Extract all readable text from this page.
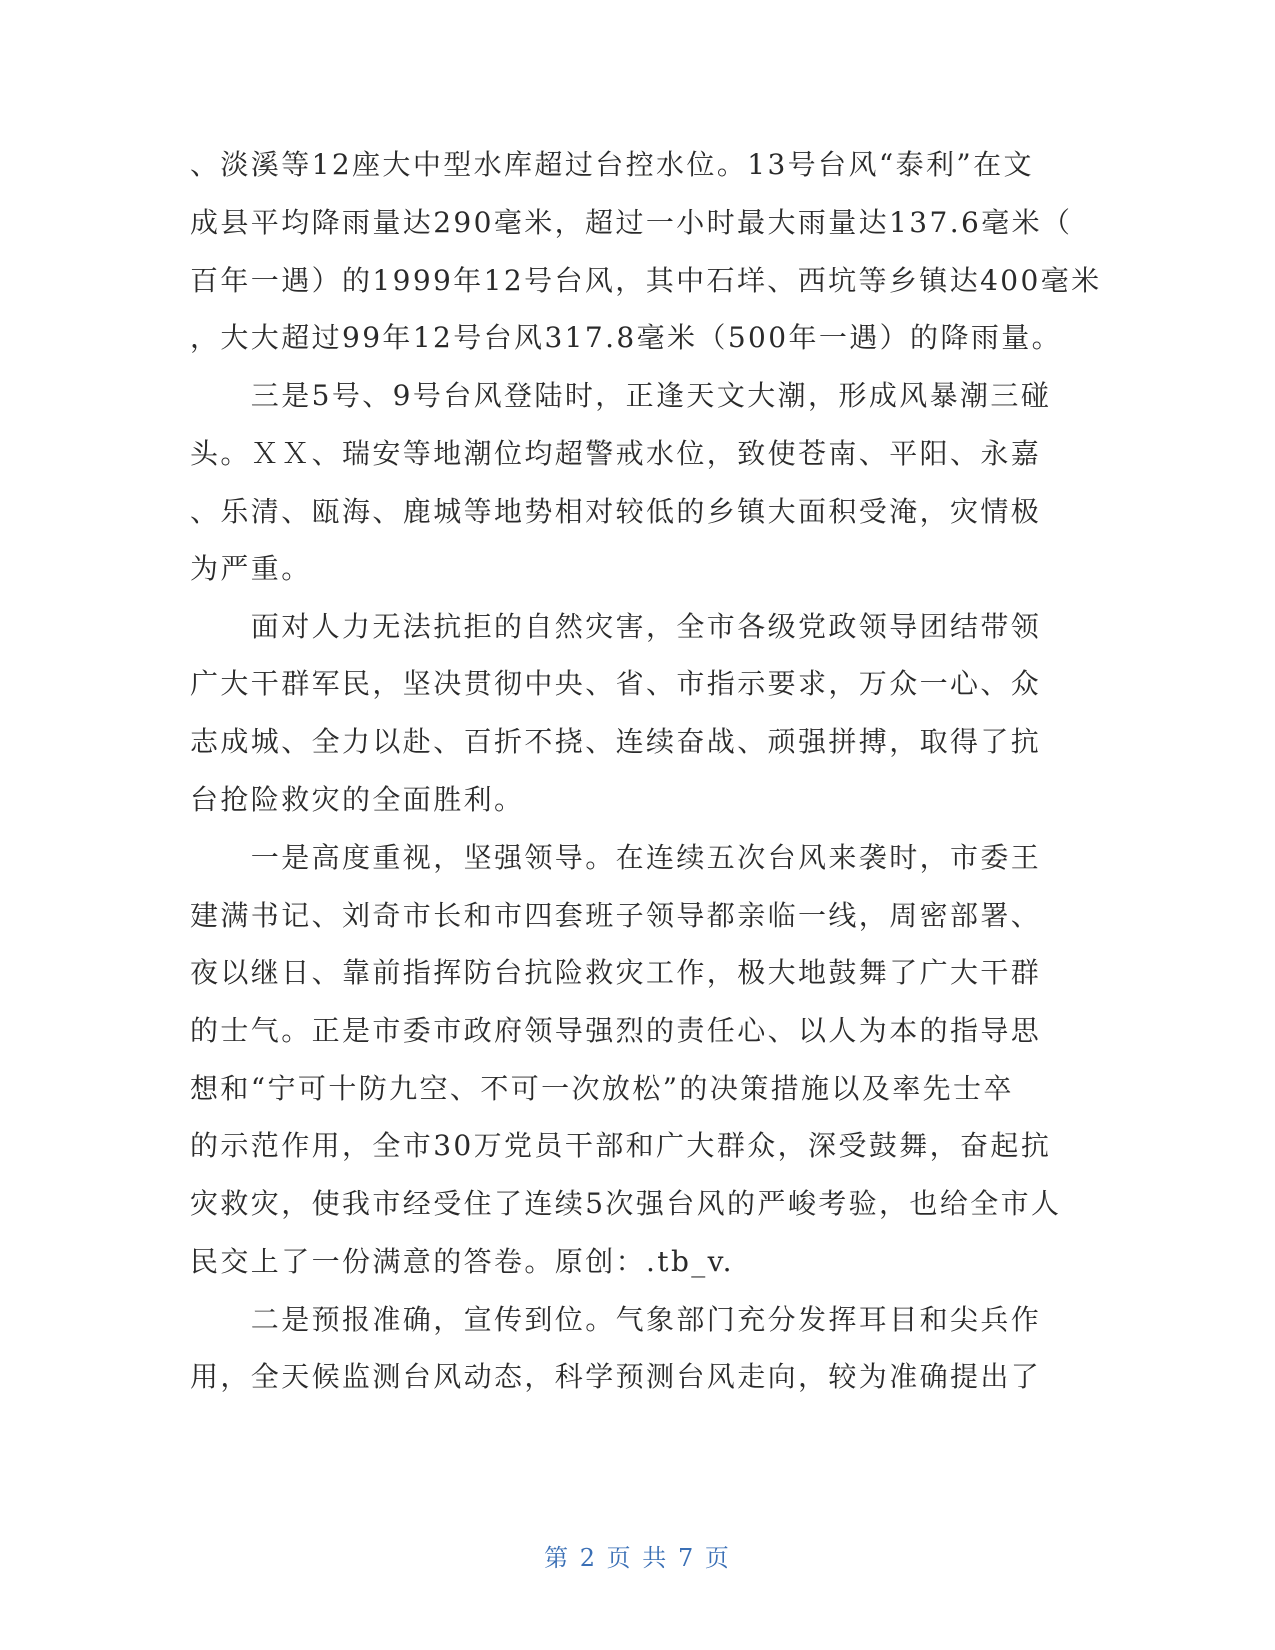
、淡溪等12座大中型水库超过台控水位。13号台风“泰利”在文
成县平均降雨量达290毫米，超过一小时最大雨量达137.6毫米（
百年一遇）的1999年12号台风，其中石垟、西坑等乡镇达400毫米
，大大超过99年12号台风317.8毫米（500年一遇）的降雨量。
　　三是5号、9号台风登陆时，正逢天文大潮，形成风暴潮三碰
头。ＸＸ、瑞安等地潮位均超警戒水位，致使苍南、平阳、永嘉
、乐清、瓯海、鹿城等地势相对较低的乡镇大面积受淹，灾情极
为严重。
　　面对人力无法抗拒的自然灾害，全市各级党政领导团结带领
广大干群军民，坚决贯彻中央、省、市指示要求，万众一心、众
志成城、全力以赴、百折不挠、连续奋战、顽强拼搏，取得了抗
台抢险救灾的全面胜利。
　　一是高度重视，坚强领导。在连续五次台风来袭时，市委王
建满书记、刘奇市长和市四套班子领导都亲临一线，周密部署、
夜以继日、靠前指挥防台抗险救灾工作，极大地鼓舞了广大干群
的士气。正是市委市政府领导强烈的责任心、以人为本的指导思
想和“宁可十防九空、不可一次放松”的决策措施以及率先士卒
的示范作用，全市30万党员干部和广大群众，深受鼓舞，奋起抗
灾救灾，使我市经受住了连续5次强台风的严峻考验，也给全市人
民交上了一份满意的答卷。原创：.tb_v.
　　二是预报准确，宣传到位。气象部门充分发挥耳目和尖兵作
用，全天候监测台风动态，科学预测台风走向，较为准确提出了
第 2 页 共 7 页
